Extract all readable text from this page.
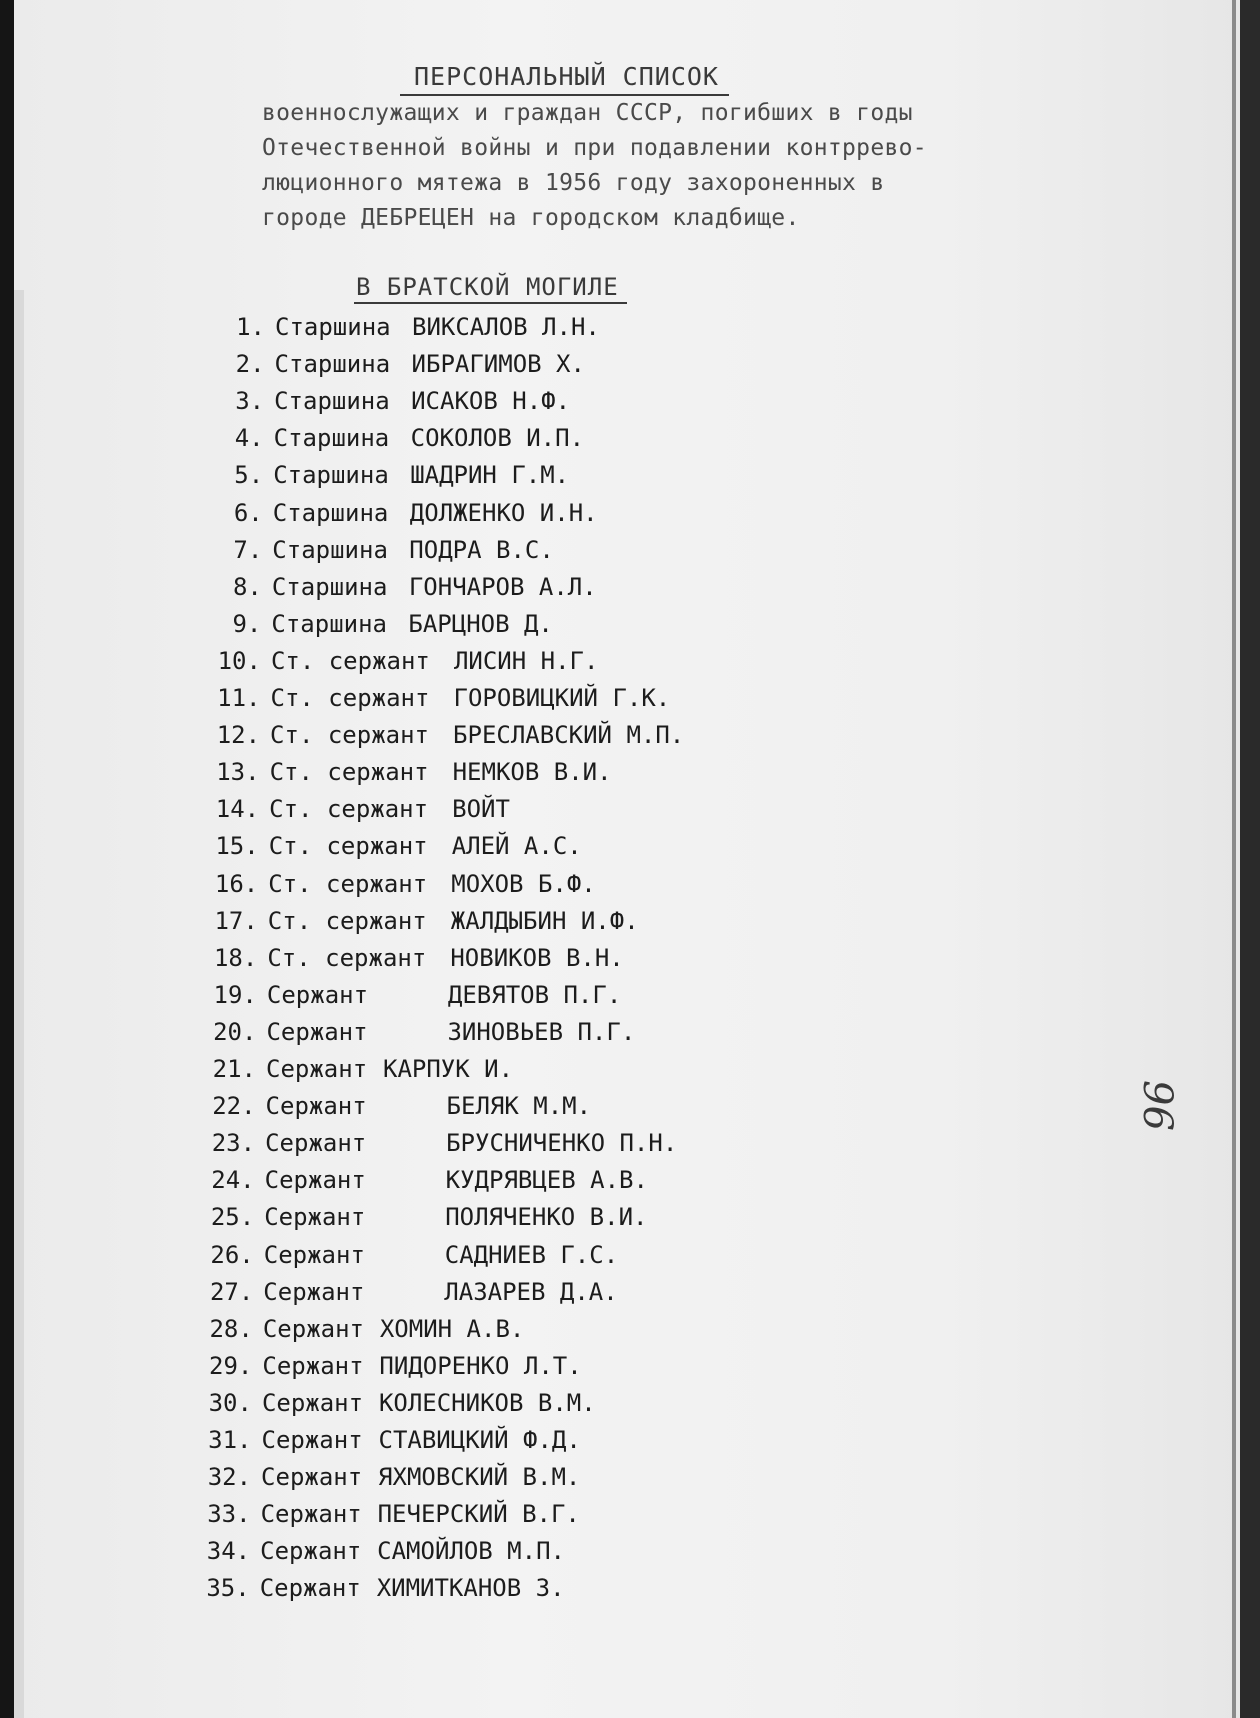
ПЕРСОНАЛЬНЫЙ СПИСОК
военнослужащих и граждан СССР, погибших в годы
Отечественной войны и при подавлении контррево-
люционного мятежа в 1956 году захороненных в
городе ДЕБРЕЦЕН на городском кладбище.
В БРАТСКОЙ МОГИЛЕ
1. Старшина ВИКСАЛОВ Л.Н.
2. Старшина ИБРАГИМОВ Х.
3. Старшина ИСАКОВ Н.Ф.
4. Старшина СОКОЛОВ И.П.
5. Старшина ШАДРИН Г.М.
6. Старшина ДОЛЖЕНКО И.Н.
7. Старшина ПОДРА В.С.
8. Старшина ГОНЧАРОВ А.Л.
9. Старшина БАРЦНОВ Д.
10. Ст. сержант ЛИСИН Н.Г.
11. Ст. сержант ГОРОВИЦКИЙ Г.К.
12. Ст. сержант БРЕСЛАВСКИЙ М.П.
13. Ст. сержант НЕМКОВ В.И.
14. Ст. сержант ВОЙТ
15. Ст. сержант АЛЕЙ А.С.
16. Ст. сержант МОХОВ Б.Ф.
17. Ст. сержант ЖАЛДЫБИН И.Ф.
18. Ст. сержант НОВИКОВ В.Н.
19. Сержант	ДЕВЯТОВ П.Г.
20. Сержант	ЗИНОВЬЕВ П.Г.
21. Сержант КАРПУК И.
22. Сержант	БЕЛЯК М.М.
23. Сержант	БРУСНИЧЕНКО П.Н.
24. Сержант	КУДРЯВЦЕВ А.В.
25. Сержант	ПОЛЯЧЕНКО В.И.
26. Сержант	САДНИЕВ Г.С.
27. Сержант	ЛАЗАРЕВ Д.А.
28. Сержант ХОМИН А.В.
29. Сержант ПИДОРЕНКО Л.Т.
30. Сержант КОЛЕСНИКОВ В.М.
31. Сержант СТАВИЦКИЙ Ф.Д.
32. Сержант ЯХМОВСКИЙ В.М.
33. Сержант ПЕЧЕРСКИЙ В.Г.
34. Сержант САМОЙЛОВ М.П.
35. Сержант ХИМИТКАНОВ З.
96
